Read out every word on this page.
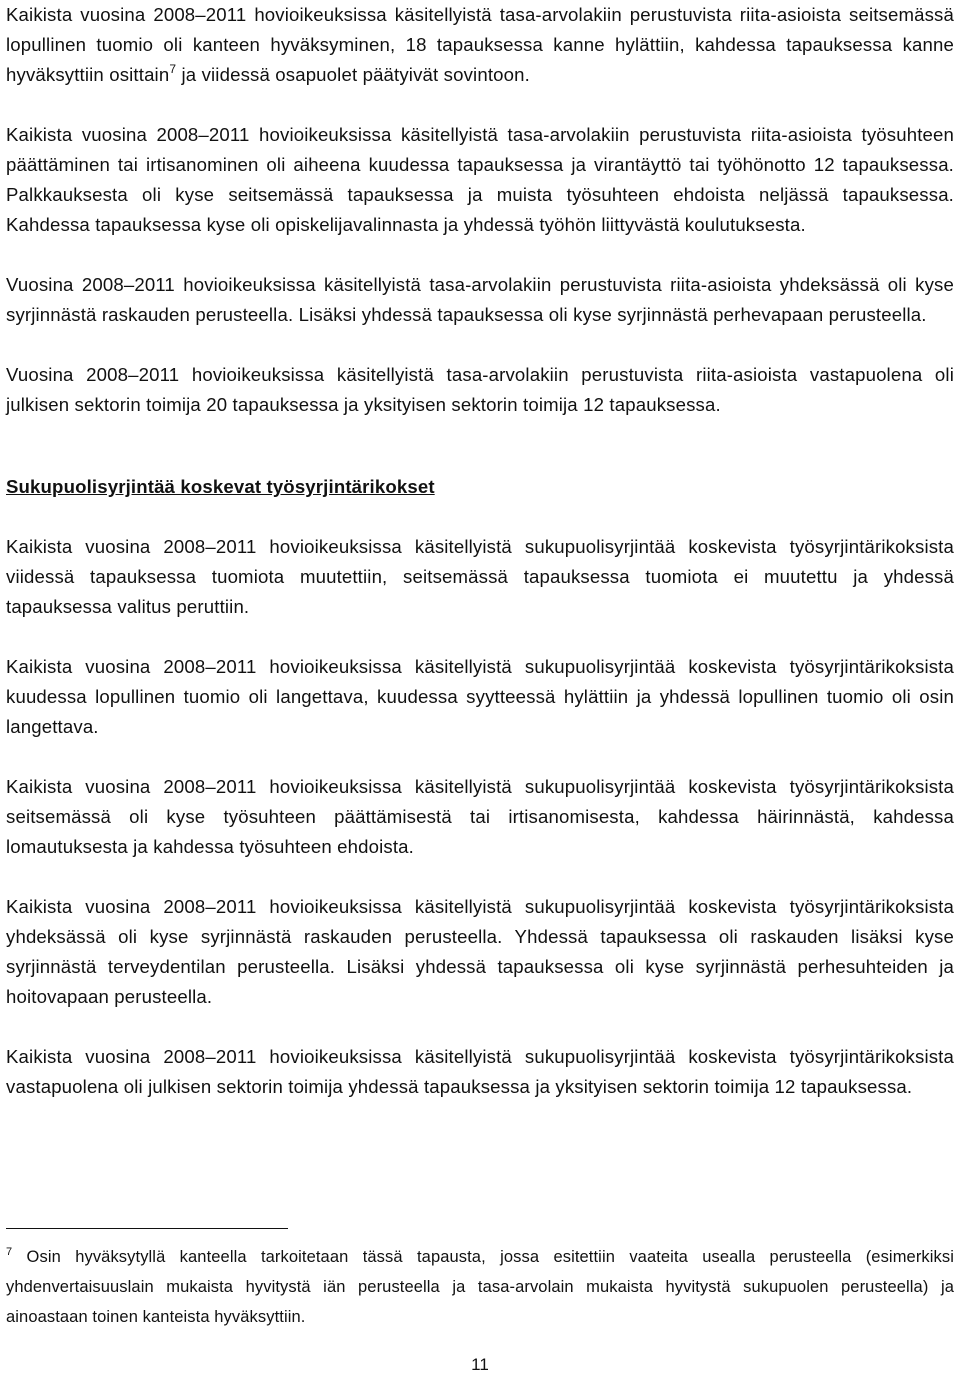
Kaikista vuosina 2008–2011 hovioikeuksissa käsitellyistä tasa-arvolakiin perustuvista riita-asioista seitsemässä lopullinen tuomio oli kanteen hyväksyminen, 18 tapauksessa kanne hylättiin, kahdessa tapauksessa kanne hyväksyttiin osittain$^7$ ja viidessä osapuolet päätyivät sovintoon.

Kaikista vuosina 2008–2011 hovioikeuksissa käsitellyistä tasa-arvolakiin perustuvista riita-asioista työsuhteen päättäminen tai irtisanominen oli aiheena kuudessa tapauksessa ja virantäyttö tai työhönotto 12 tapauksessa. Palkkauksesta oli kyse seitsemässä tapauksessa ja muista työsuhteen ehdoista neljässä tapauksessa. Kahdessa tapauksessa kyse oli opiskelijavalinnasta ja yhdessä työhön liittyvästä koulutuksesta.

Vuosina 2008–2011 hovioikeuksissa käsitellyistä tasa-arvolakiin perustuvista riita-asioista yhdeksässä oli kyse syrjinnästä raskauden perusteella. Lisäksi yhdessä tapauksessa oli kyse syrjinnästä perhevapaan perusteella.

Vuosina 2008–2011 hovioikeuksissa käsitellyistä tasa-arvolakiin perustuvista riita-asioista vastapuolena oli julkisen sektorin toimija 20 tapauksessa ja yksityisen sektorin toimija 12 tapauksessa.

Sukupuolisyrjintää koskevat työsyrjintärikokset

Kaikista vuosina 2008–2011 hovioikeuksissa käsitellyistä sukupuolisyrjintää koskevista työsyrjintärikoksista viidessä tapauksessa tuomiota muutettiin, seitsemässä tapauksessa tuomiota ei muutettu ja yhdessä tapauksessa valitus peruttiin.

Kaikista vuosina 2008–2011 hovioikeuksissa käsitellyistä sukupuolisyrjintää koskevista työsyrjintärikoksista kuudessa lopullinen tuomio oli langettava, kuudessa syytteessä hylättiin ja yhdessä lopullinen tuomio oli osin langettava.

Kaikista vuosina 2008–2011 hovioikeuksissa käsitellyistä sukupuolisyrjintää koskevista työsyrjintärikoksista seitsemässä oli kyse työsuhteen päättämisestä tai irtisanomisesta, kahdessa häirinnästä, kahdessa lomautuksesta ja kahdessa työsuhteen ehdoista.

Kaikista vuosina 2008–2011 hovioikeuksissa käsitellyistä sukupuolisyrjintää koskevista työsyrjintärikoksista yhdeksässä oli kyse syrjinnästä raskauden perusteella. Yhdessä tapauksessa oli raskauden lisäksi kyse syrjinnästä terveydentilan perusteella. Lisäksi yhdessä tapauksessa oli kyse syrjinnästä perhesuhteiden ja hoitovapaan perusteella.

Kaikista vuosina 2008–2011 hovioikeuksissa käsitellyistä sukupuolisyrjintää koskevista työsyrjintärikoksista vastapuolena oli julkisen sektorin toimija yhdessä tapauksessa ja yksityisen sektorin toimija 12 tapauksessa.

$^7$ Osin hyväksytyllä kanteella tarkoitetaan tässä tapausta, jossa esitettiin vaateita usealla perusteella (esimerkiksi yhdenvertaisuuslain mukaista hyvitystä iän perusteella ja tasa-arvolain mukaista hyvitystä sukupuolen perusteella) ja ainoastaan toinen kanteista hyväksyttiin.

11
